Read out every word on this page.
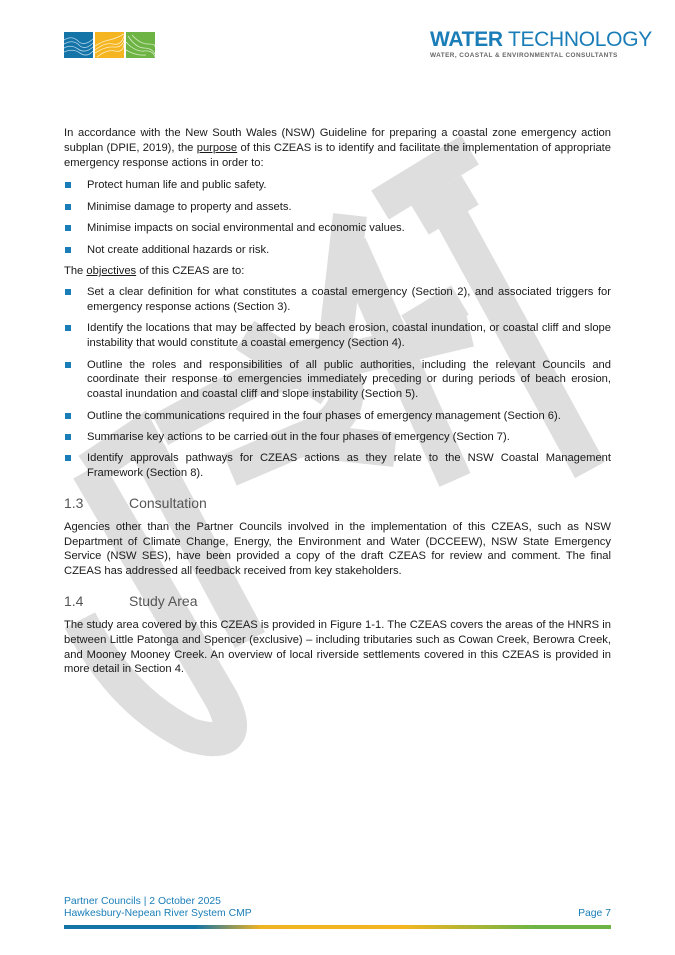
WATER TECHNOLOGY
WATER, COASTAL & ENVIRONMENTAL CONSULTANTS

In accordance with the New South Wales (NSW) Guideline for preparing a coastal zone emergency action subplan (DPIE, 2019), the purpose of this CZEAS is to identify and facilitate the implementation of appropriate emergency response actions in order to:

Protect human life and public safety.
Minimise damage to property and assets.
Minimise impacts on social environmental and economic values.
Not create additional hazards or risk.

The objectives of this CZEAS are to:

Set a clear definition for what constitutes a coastal emergency (Section 2), and associated triggers for emergency response actions (Section 3).
Identify the locations that may be affected by beach erosion, coastal inundation, or coastal cliff and slope instability that would constitute a coastal emergency (Section 4).
Outline the roles and responsibilities of all public authorities, including the relevant Councils and coordinate their response to emergencies immediately preceding or during periods of beach erosion, coastal inundation and coastal cliff and slope instability (Section 5).
Outline the communications required in the four phases of emergency management (Section 6).
Summarise key actions to be carried out in the four phases of emergency (Section 7).
Identify approvals pathways for CZEAS actions as they relate to the NSW Coastal Management Framework (Section 8).
1.3	Consultation

Agencies other than the Partner Councils involved in the implementation of this CZEAS, such as NSW Department of Climate Change, Energy, the Environment and Water (DCCEEW), NSW State Emergency Service (NSW SES), have been provided a copy of the draft CZEAS for review and comment. The final CZEAS has addressed all feedback received from key stakeholders.

1.4	Study Area

The study area covered by this CZEAS is provided in Figure 1-1. The CZEAS covers the areas of the HNRS in between Little Patonga and Spencer (exclusive) – including tributaries such as Cowan Creek, Berowra Creek, and Mooney Mooney Creek. An overview of local riverside settlements covered in this CZEAS is provided in more detail in Section 4.

Partner Councils | 2 October 2025
Hawkesbury-Nepean River System CMP	Page 7
